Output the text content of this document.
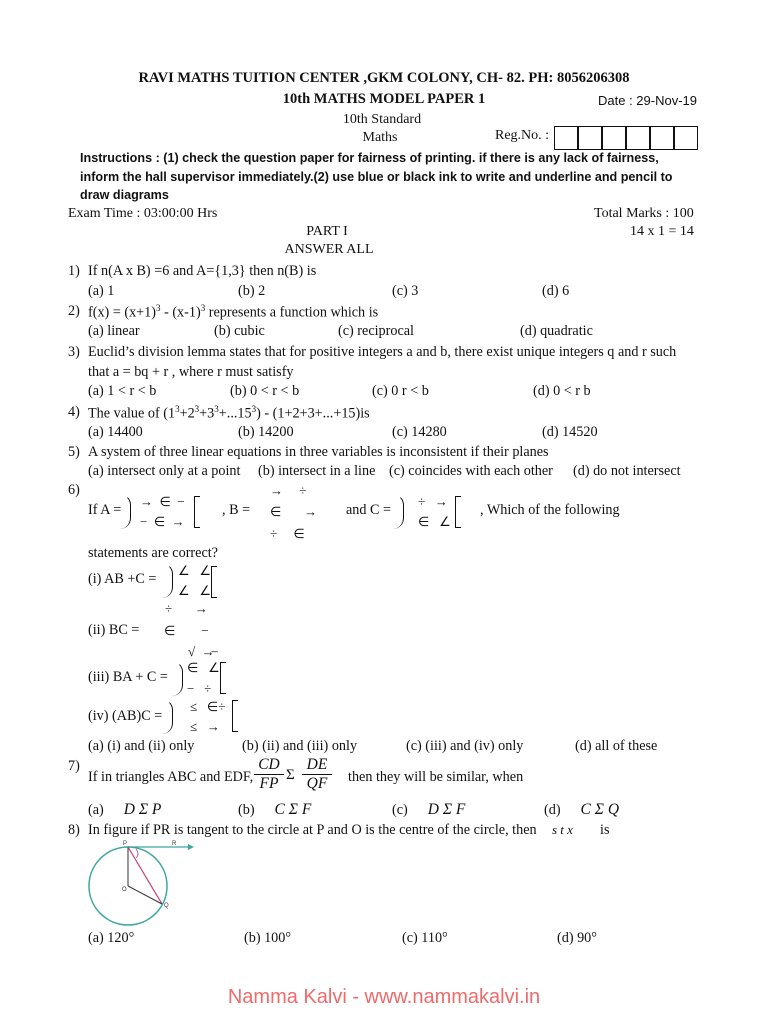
RAVI MATHS TUITION CENTER ,GKM COLONY, CH- 82. PH: 8056206308
10th MATHS MODEL PAPER 1	Date : 29-Nov-19
10th Standard
Maths	Reg.No. :
Instructions : (1) check the question paper for fairness of printing. if there is any lack of fairness,
inform the hall supervisor immediately.(2) use blue or black ink to write and underline and pencil to
draw diagrams
Exam Time : 03:00:00 Hrs	Total Marks : 100
PART I	14 x 1 = 14
ANSWER ALL
1) If n(A x B) =6 and A={1,3} then n(B) is
(a) 1	(b) 2	(c) 3	(d) 6
2) $f(x) = (x+1)^3 - (x-1)^3$ represents a function which is
(a) linear	(b) cubic	(c) reciprocal	(d) quadratic
3) Euclid’s division lemma states that for positive integers a and b, there exist unique integers q and r such
that a = bq + r , where r must satisfy
(a) 1 < r < b	(b) 0 < r < b	(c) 0 r < b	(d) 0 < r b
4) The value of $(1^3+2^3+3^3+...15^3) - (1+2+3+...+15)is$
(a) 14400	(b) 14200	(c) 14280	(d) 14520
5) A system of three linear equations in three variables is inconsistent if their planes
(a) intersect only at a point (b) intersect in a line (c) coincides with each other (d) do not intersect
6)
If A =
→ ∈ −
− ∈ →
, B =
→ ÷
∈ →
÷ ∈
and C =
÷ →
∈ ∠
, Which of the following
statements are correct?
(i) AB +C =
∠ ∠
∠ ∠
÷ →
(ii) BC = ∈ −
√ →̶
(iii) BA + C =
∈ ∠
− ÷
(iv) (AB)C =
≤ ∈÷
≤ →
(a) (i) and (ii) only	(b) (ii) and (iii) only	(c) (iii) and (iv) only	(d) all of these
7)
If in triangles ABC and EDF, $\frac{CD}{FP}$ Σ $\frac{DE}{QF}$ then they will be similar, when
(a) D Σ P	(b) C Σ F	(c) D Σ F	(d) C Σ Q
8) In figure if PR is tangent to the circle at P and O is the centre of the circle, then s t x is
P	R
O
Q
(a) 120°	(b) 100°	(c) 110°	(d) 90°
Namma Kalvi - www.nammakalvi.in
